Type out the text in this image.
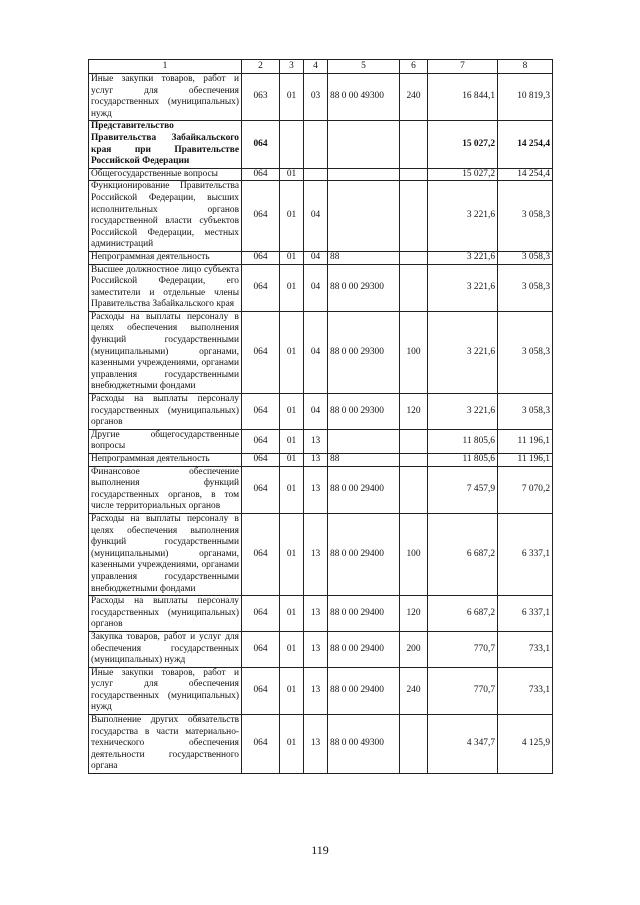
1	2	3	4	5	6	7	8
Иные закупки товаров, работ и услуг для обеспечения государственных (муниципальных) нужд	063	01	03	88 0 00 49300	240	16 844,1	10 819,3
Представительство Правительства Забайкальского края при Правительстве Российской Федерации	064					15 027,2	14 254,4
Общегосударственные вопросы	064	01				15 027,2	14 254,4
Функционирование Правительства Российской Федерации, высших исполнительных органов государственной власти субъектов Российской Федерации, местных администраций	064	01	04			3 221,6	3 058,3
Непрограммная деятельность	064	01	04	88		3 221,6	3 058,3
Высшее должностное лицо субъекта Российской Федерации, его заместители и отдельные члены Правительства Забайкальского края	064	01	04	88 0 00 29300		3 221,6	3 058,3
Расходы на выплаты персоналу в целях обеспечения выполнения функций государственными (муниципальными) органами, казенными учреждениями, органами управления государственными внебюджетными фондами	064	01	04	88 0 00 29300	100	3 221,6	3 058,3
Расходы на выплаты персоналу государственных (муниципальных) органов	064	01	04	88 0 00 29300	120	3 221,6	3 058,3
Другие общегосударственные вопросы	064	01	13			11 805,6	11 196,1
Непрограммная деятельность	064	01	13	88		11 805,6	11 196,1
Финансовое обеспечение выполнения функций государственных органов, в том числе территориальных органов	064	01	13	88 0 00 29400		7 457,9	7 070,2
Расходы на выплаты персоналу в целях обеспечения выполнения функций государственными (муниципальными) органами, казенными учреждениями, органами управления государственными внебюджетными фондами	064	01	13	88 0 00 29400	100	6 687,2	6 337,1
Расходы на выплаты персоналу государственных (муниципальных) органов	064	01	13	88 0 00 29400	120	6 687,2	6 337,1
Закупка товаров, работ и услуг для обеспечения государственных (муниципальных) нужд	064	01	13	88 0 00 29400	200	770,7	733,1
Иные закупки товаров, работ и услуг для обеспечения государственных (муниципальных) нужд	064	01	13	88 0 00 29400	240	770,7	733,1
Выполнение других обязательств государства в части материально-технического обеспечения деятельности государственного органа	064	01	13	88 0 00 49300		4 347,7	4 125,9
119
